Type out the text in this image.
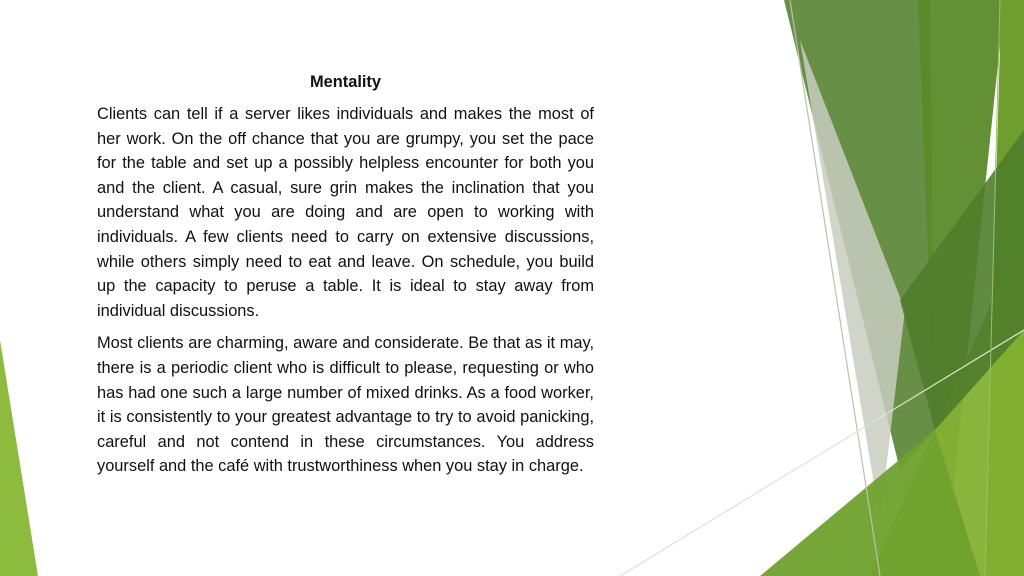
Mentality

Clients can tell if a server likes individuals and makes the most of her work. On the off chance that you are grumpy, you set the pace for the table and set up a possibly helpless encounter for both you and the client. A casual, sure grin makes the inclination that you understand what you are doing and are open to working with individuals. A few clients need to carry on extensive discussions, while others simply need to eat and leave. On schedule, you build up the capacity to peruse a table. It is ideal to stay away from individual discussions.

Most clients are charming, aware and considerate. Be that as it may, there is a periodic client who is difficult to please, requesting or who has had one such a large number of mixed drinks. As a food worker, it is consistently to your greatest advantage to try to avoid panicking, careful and not contend in these circumstances. You address yourself and the café with trustworthiness when you stay in charge.
